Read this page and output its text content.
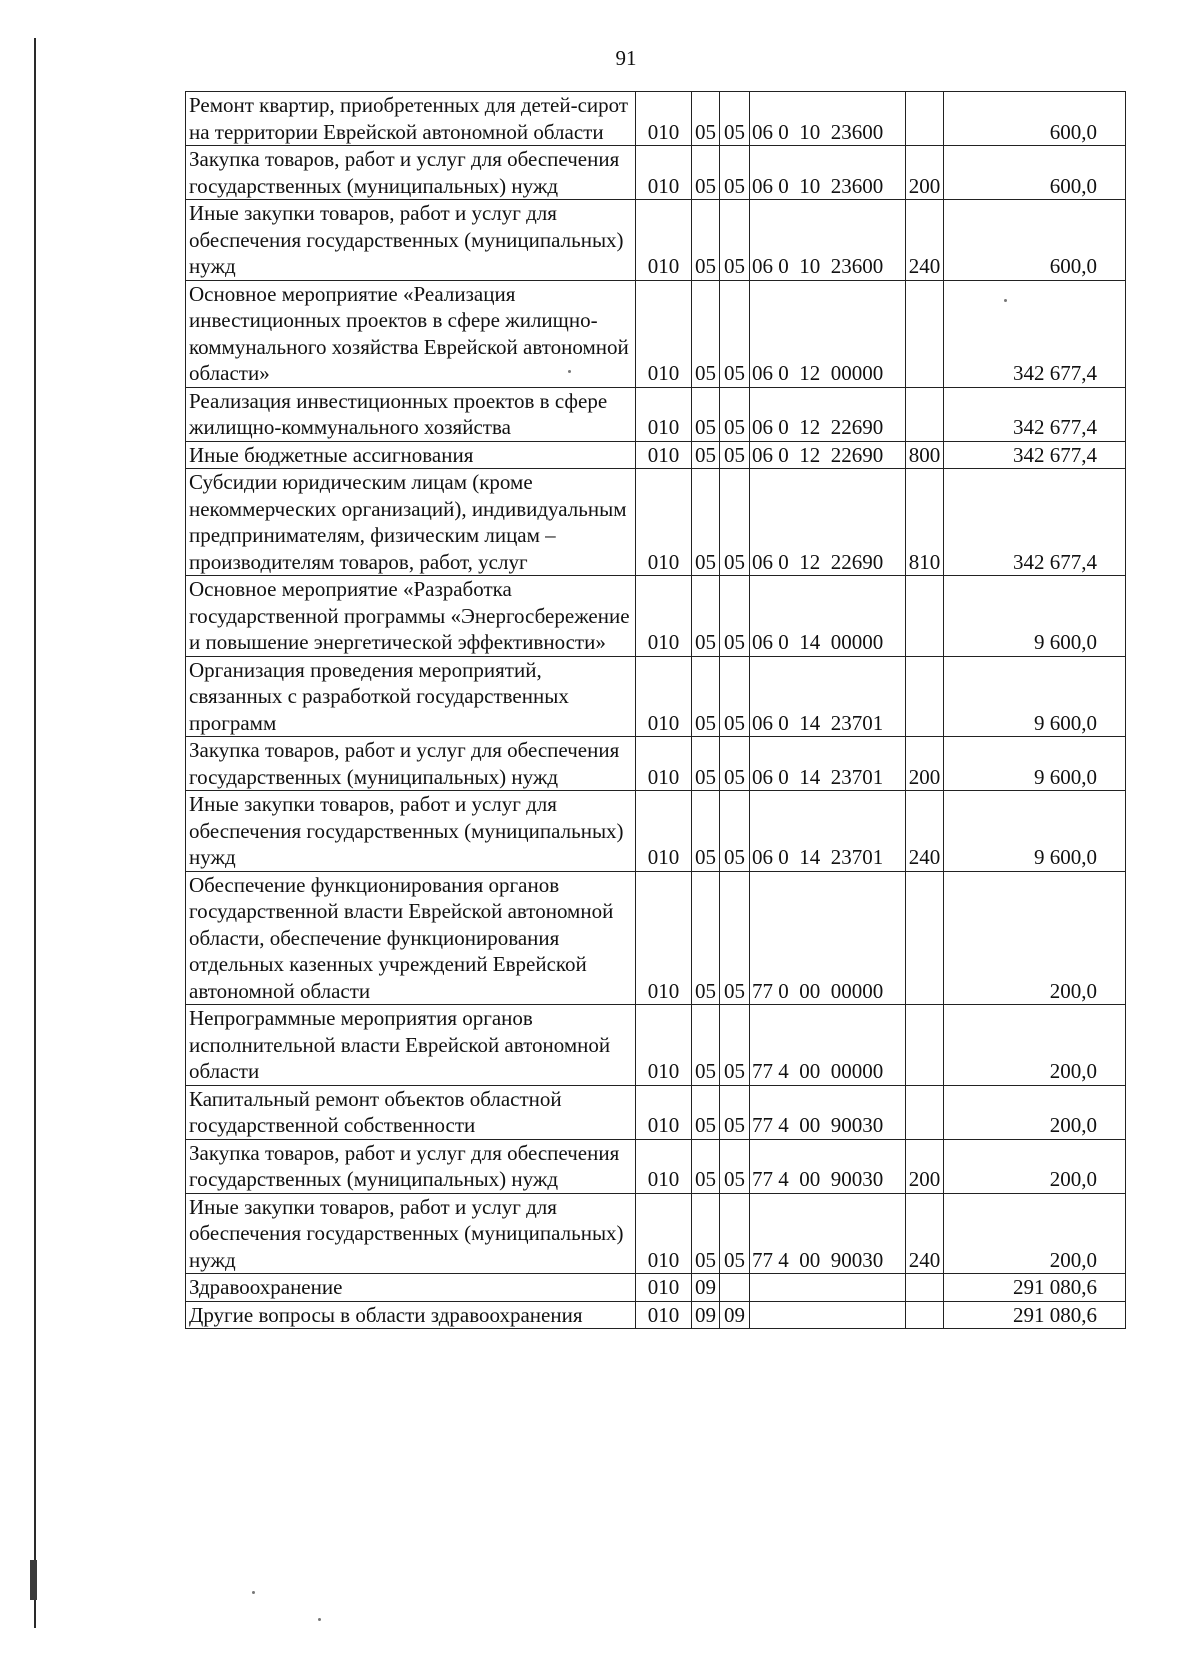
91
Ремонт квартир, приобретенных для детей-сирот на территории Еврейской автономной области	010	05	05	06 0  10  23600		600,0
Закупка товаров, работ и услуг для обеспечения государственных (муниципальных) нужд	010	05	05	06 0  10  23600	200	600,0
Иные закупки товаров, работ и услуг для обеспечения государственных (муниципальных) нужд	010	05	05	06 0  10  23600	240	600,0
Основное мероприятие «Реализация инвестиционных проектов в сфере жилищно-коммунального хозяйства Еврейской автономной области»	010	05	05	06 0  12  00000		342 677,4
Реализация инвестиционных проектов в сфере жилищно-коммунального хозяйства	010	05	05	06 0  12  22690		342 677,4
Иные бюджетные ассигнования	010	05	05	06 0  12  22690	800	342 677,4
Субсидии юридическим лицам (кроме некоммерческих организаций), индивидуальным предпринимателям, физическим лицам – производителям товаров, работ, услуг	010	05	05	06 0  12  22690	810	342 677,4
Основное мероприятие «Разработка государственной программы «Энергосбережение и повышение энергетической эффективности»	010	05	05	06 0  14  00000		9 600,0
Организация проведения мероприятий, связанных с разработкой государственных программ	010	05	05	06 0  14  23701		9 600,0
Закупка товаров, работ и услуг для обеспечения государственных (муниципальных) нужд	010	05	05	06 0  14  23701	200	9 600,0
Иные закупки товаров, работ и услуг для обеспечения государственных (муниципальных) нужд	010	05	05	06 0  14  23701	240	9 600,0
Обеспечение функционирования органов государственной власти Еврейской автономной области, обеспечение функционирования отдельных казенных учреждений Еврейской автономной области	010	05	05	77 0  00  00000		200,0
Непрограммные мероприятия органов исполнительной власти Еврейской автономной области	010	05	05	77 4  00  00000		200,0
Капитальный ремонт объектов областной государственной собственности	010	05	05	77 4  00  90030		200,0
Закупка товаров, работ и услуг для обеспечения государственных (муниципальных) нужд	010	05	05	77 4  00  90030	200	200,0
Иные закупки товаров, работ и услуг для обеспечения государственных (муниципальных) нужд	010	05	05	77 4  00  90030	240	200,0
Здравоохранение	010	09				291 080,6
Другие вопросы в области здравоохранения	010	09	09			291 080,6
